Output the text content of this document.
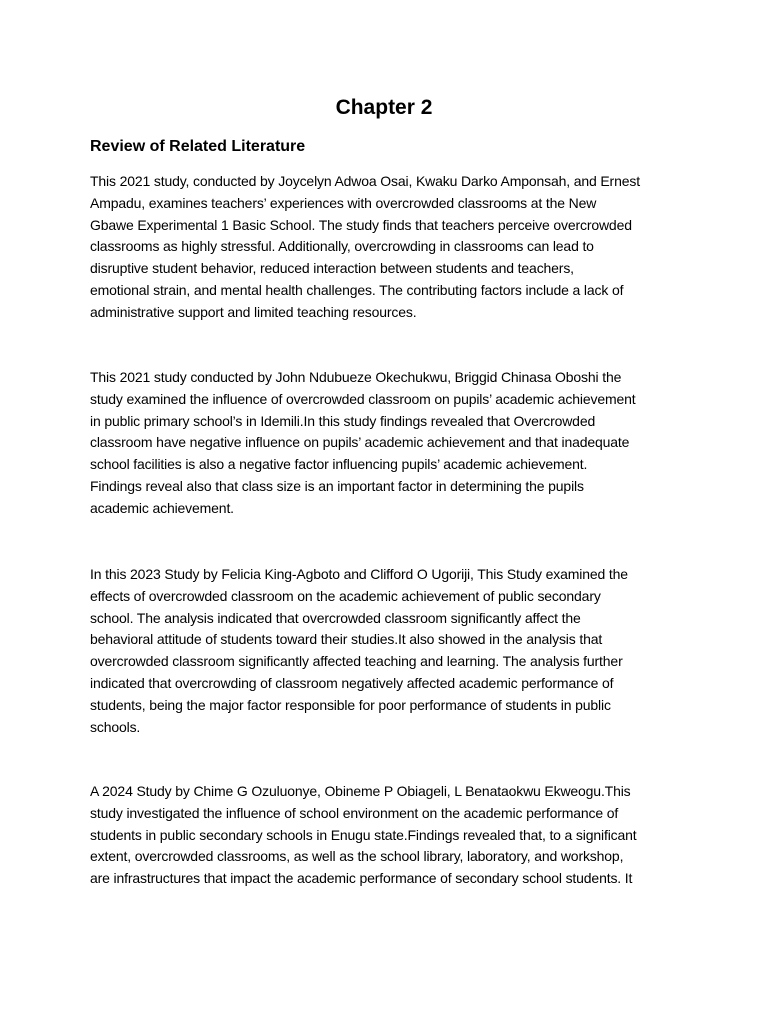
Chapter 2
Review of Related Literature

This 2021 study, conducted by Joycelyn Adwoa Osai, Kwaku Darko Amponsah, and Ernest
Ampadu, examines teachers’ experiences with overcrowded classrooms at the New
Gbawe Experimental 1 Basic School. The study finds that teachers perceive overcrowded
classrooms as highly stressful. Additionally, overcrowding in classrooms can lead to
disruptive student behavior, reduced interaction between students and teachers,
emotional strain, and mental health challenges. The contributing factors include a lack of
administrative support and limited teaching resources.

This 2021 study conducted by John Ndubueze Okechukwu, Briggid Chinasa Oboshi the
study examined the influence of overcrowded classroom on pupils’ academic achievement
in public primary school’s in Idemili.In this study findings revealed that Overcrowded
classroom have negative influence on pupils’ academic achievement and that inadequate
school facilities is also a negative factor influencing pupils’ academic achievement.
Findings reveal also that class size is an important factor in determining the pupils
academic achievement.

In this 2023 Study by Felicia King-Agboto and Clifford O Ugoriji, This Study examined the
effects of overcrowded classroom on the academic achievement of public secondary
school. The analysis indicated that overcrowded classroom significantly affect the
behavioral attitude of students toward their studies.It also showed in the analysis that
overcrowded classroom significantly affected teaching and learning. The analysis further
indicated that overcrowding of classroom negatively affected academic performance of
students, being the major factor responsible for poor performance of students in public
schools.

A 2024 Study by Chime G Ozuluonye, Obineme P Obiageli, L Benataokwu Ekweogu.This
study investigated the influence of school environment on the academic performance of
students in public secondary schools in Enugu state.Findings revealed that, to a significant
extent, overcrowded classrooms, as well as the school library, laboratory, and workshop,
are infrastructures that impact the academic performance of secondary school students. It
